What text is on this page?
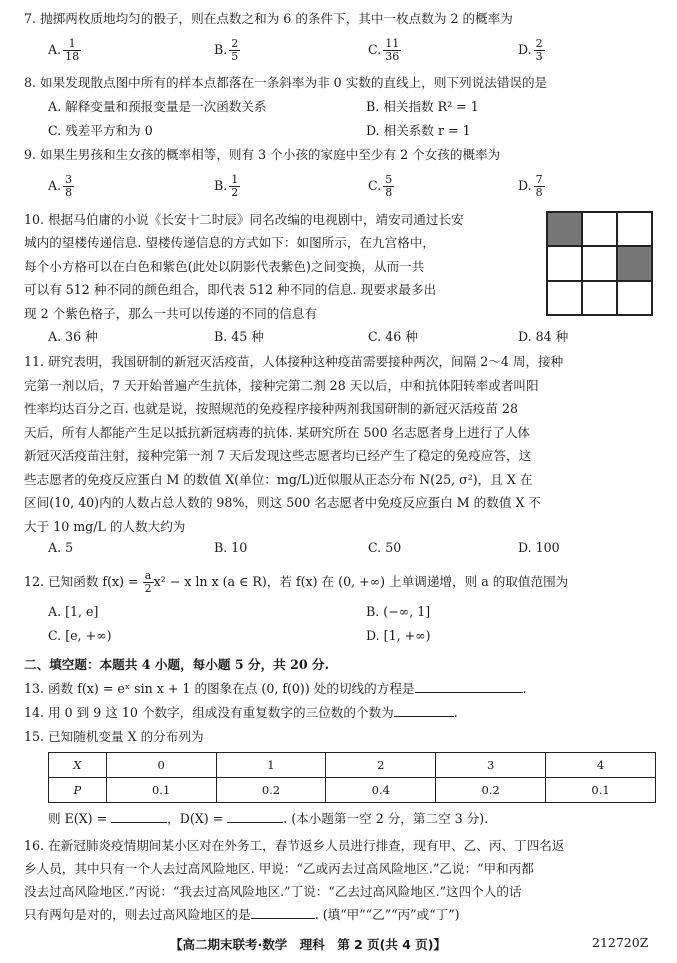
7. 抛掷两枚质地均匀的骰子，则在点数之和为 6 的条件下，其中一枚点数为 2 的概率为
A. $\frac{1}{18}$	B. $\frac{2}{5}$	C. $\frac{11}{36}$	D. $\frac{2}{3}$
8. 如果发现散点图中所有的样本点都落在一条斜率为非 0 实数的直线上，则下列说法错误的是
A. 解释变量和预报变量是一次函数关系	B. 相关指数 R² = 1
C. 残差平方和为 0	D. 相关系数 r = 1
9. 如果生男孩和生女孩的概率相等，则有 3 个小孩的家庭中至少有 2 个女孩的概率为
A. $\frac{3}{8}$	B. $\frac{1}{2}$	C. $\frac{5}{8}$	D. $\frac{7}{8}$
10. 根据马伯庸的小说《长安十二时辰》同名改编的电视剧中，靖安司通过长安
城内的望楼传递信息. 望楼传递信息的方式如下：如图所示，在九宫格中，
每个小方格可以在白色和紫色(此处以阴影代表紫色)之间变换，从而一共
可以有 512 种不同的颜色组合，即代表 512 种不同的信息. 现要求最多出
现 2 个紫色格子，那么一共可以传递的不同的信息有
A. 36 种	B. 45 种	C. 46 种	D. 84 种
11. 研究表明，我国研制的新冠灭活疫苗，人体接种这种疫苗需要接种两次，间隔 2～4 周，接种
完第一剂以后，7 天开始普遍产生抗体，接种完第二剂 28 天以后，中和抗体阳转率或者叫阳
性率均达百分之百. 也就是说，按照规范的免疫程序接种两剂我国研制的新冠灭活疫苗 28
天后，所有人都能产生足以抵抗新冠病毒的抗体. 某研究所在 500 名志愿者身上进行了人体
新冠灭活疫苗注射，接种完第一剂 7 天后发现这些志愿者均已经产生了稳定的免疫应答，这
些志愿者的免疫反应蛋白 M 的数值 X(单位：mg/L)近似服从正态分布 N(25, σ²)，且 X 在
区间(10, 40)内的人数占总人数的 98%，则这 500 名志愿者中免疫反应蛋白 M 的数值 X 不
大于 10 mg/L 的人数大约为
A. 5	B. 10	C. 50	D. 100
12. 已知函数 $f(x) = \frac{a}{2} x^2 - x$ ln x (a ∈ R)，若 f(x) 在 (0, +∞) 上单调递增，则 a 的取值范围为
A. [1, e]	B. (−∞, 1]
C. [e, +∞)	D. [1, +∞)
二、填空题：本题共 4 小题，每小题 5 分，共 20 分.
13. 函数 f(x) = eˣ sin x + 1 的图象在点 (0, f(0)) 处的切线的方程是	.
14. 用 0 到 9 这 10 个数字，组成没有重复数字的三位数的个数为	.
15. 已知随机变量 X 的分布列为
X	0	1	2	3	4
P	0.1	0.2	0.4	0.2	0.1
则 E(X) =	，D(X) =	. (本小题第一空 2 分，第二空 3 分).
16. 在新冠肺炎疫情期间某小区对在外务工，春节返乡人员进行排查，现有甲、乙、丙、丁四名返
乡人员，其中只有一个人去过高风险地区. 甲说：“乙或丙去过高风险地区.”乙说：“甲和丙都
没去过高风险地区.”丙说：“我去过高风险地区.”丁说：“乙去过高风险地区.”这四个人的话
只有两句是对的，则去过高风险地区的是	. (填“甲”“乙”“丙”或“丁”)
【高二期末联考·数学　理科　第 2 页(共 4 页)】	212720Z
